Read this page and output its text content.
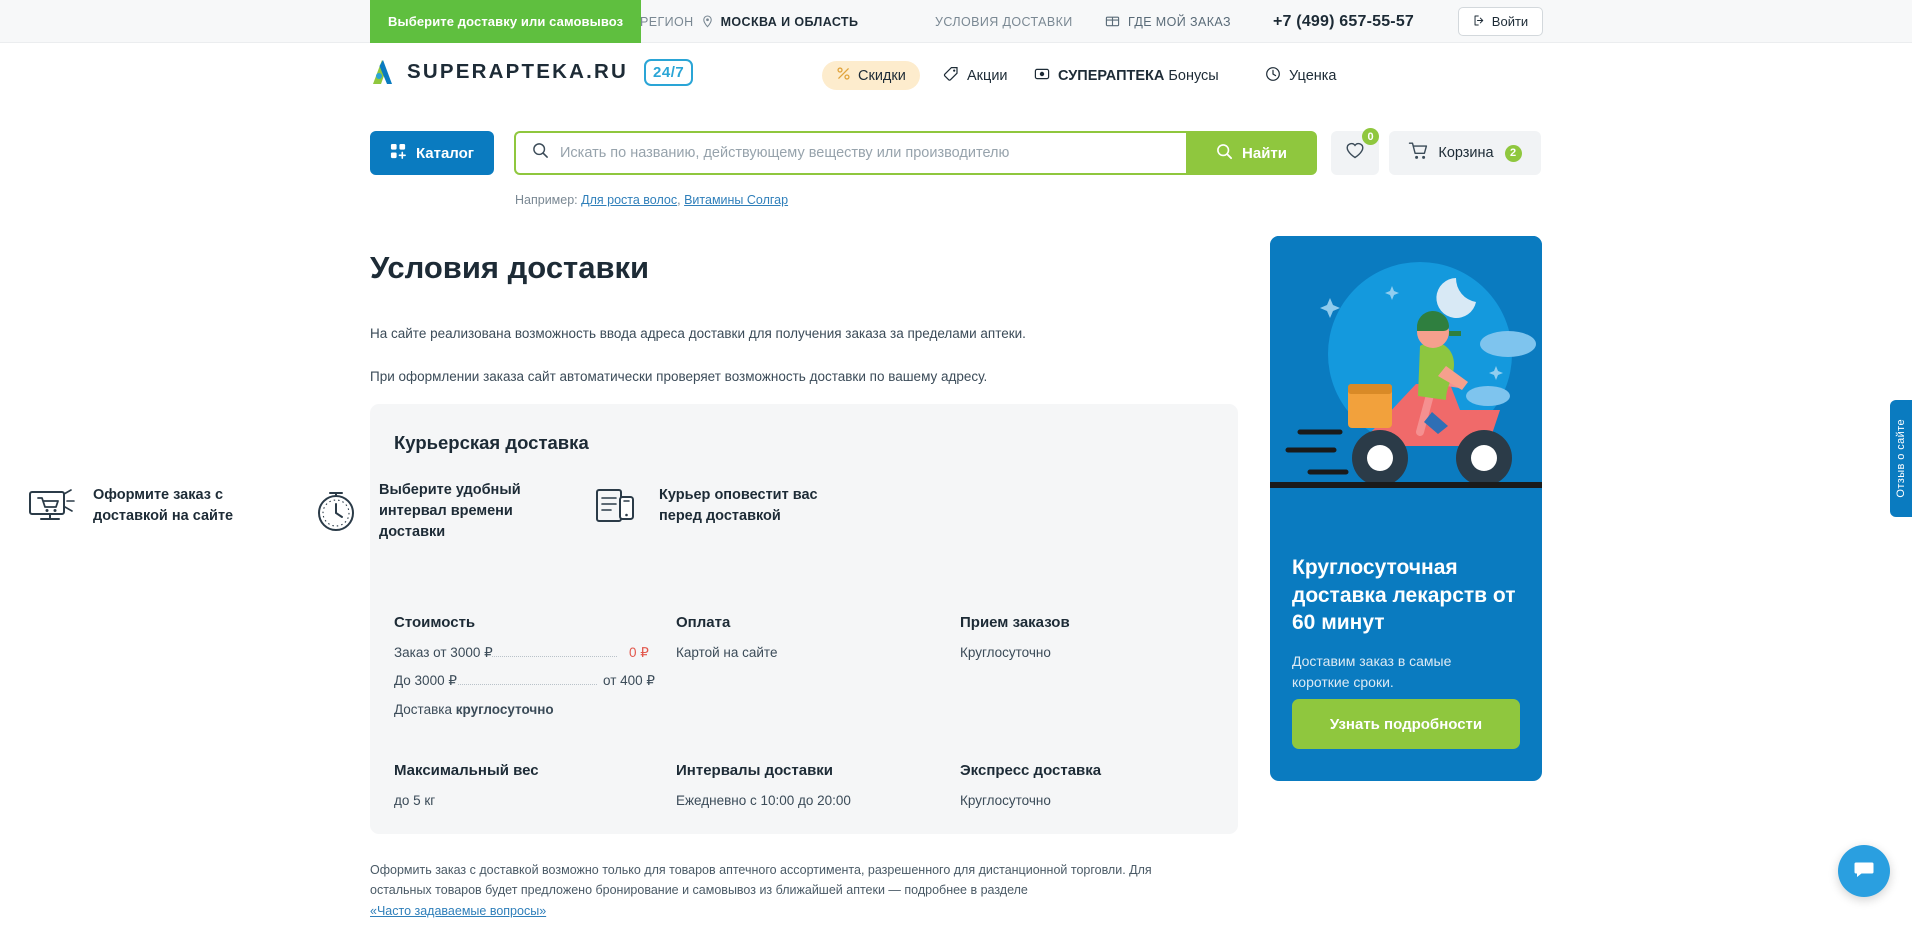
Выберите доставку или самовывоз РЕГИОН МОСКВА И ОБЛАСТЬ	УСЛОВИЯ ДОСТАВКИ	ГДЕ МОЙ ЗАКАЗ	+7 (499) 657-55-57	Войти
SUPERAPTEKA.RU	24/7	Скидки	Акции	СУПЕРАПТЕКА Бонусы	Уценка
Каталог	Искать по названию, действующему веществу или производителю	Найти
0
Корзина	2
Например: Для роста волос, Витамины Солгар
Условия доставки

На сайте реализована возможность ввода адреса доставки для получения заказа за пределами аптеки.

При оформлении заказа сайт автоматически проверяет возможность доставки по вашему адресу.

Курьерская доставка
Оформите заказ с доставкой на сайте
Выберите удобный интервал времени доставки
Курьер оповестит вас перед доставкой
Стоимость
Заказ от 3000 ₽	0 ₽
До 3000 ₽	от 400 ₽
Доставка круглосуточно
Оплата
Картой на сайте
Прием заказов
Круглосуточно
Максимальный вес
до 5 кг
Интервалы доставки
Ежедневно с 10:00 до 20:00
Экспресс доставка
Круглосуточно
Оформить заказ с доставкой возможно только для товаров аптечного ассортимента, разрешенного для дистанционной торговли. Для остальных товаров будет предложено бронирование и самовывоз из ближайшей аптеки — подробнее в разделе
«Часто задаваемые вопросы»
Круглосуточная доставка лекарств от 60 минут
Доставим заказ в самые короткие сроки.
Узнать подробности
Отзыв о сайте
